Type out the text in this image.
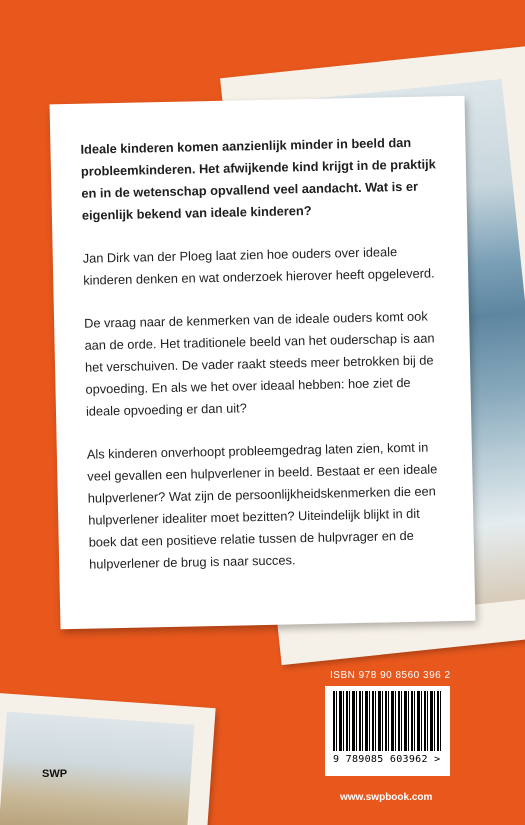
Ideale kinderen komen aanzienlijk minder in beeld dan probleemkinderen. Het afwijkende kind krijgt in de praktijk en in de wetenschap opvallend veel aandacht. Wat is er eigenlijk bekend van ideale kinderen?

Jan Dirk van der Ploeg laat zien hoe ouders over ideale kinderen denken en wat onderzoek hierover heeft opgeleverd.

De vraag naar de kenmerken van de ideale ouders komt ook aan de orde. Het traditionele beeld van het ouderschap is aan het verschuiven. De vader raakt steeds meer betrokken bij de opvoeding. En als we het over ideaal hebben: hoe ziet de ideale opvoeding er dan uit?

Als kinderen onverhoopt probleemgedrag laten zien, komt in veel gevallen een hulpverlener in beeld. Bestaat er een ideale hulpverlener? Wat zijn de persoonlijkheidskenmerken die een hulpverlener idealiter moet bezitten? Uiteindelijk blijkt in dit boek dat een positieve relatie tussen de hulpvrager en de hulpverlener de brug is naar succes.

ISBN 978 90 8560 396 2
9 789085 603962 >
SWP
www.swpbook.com
